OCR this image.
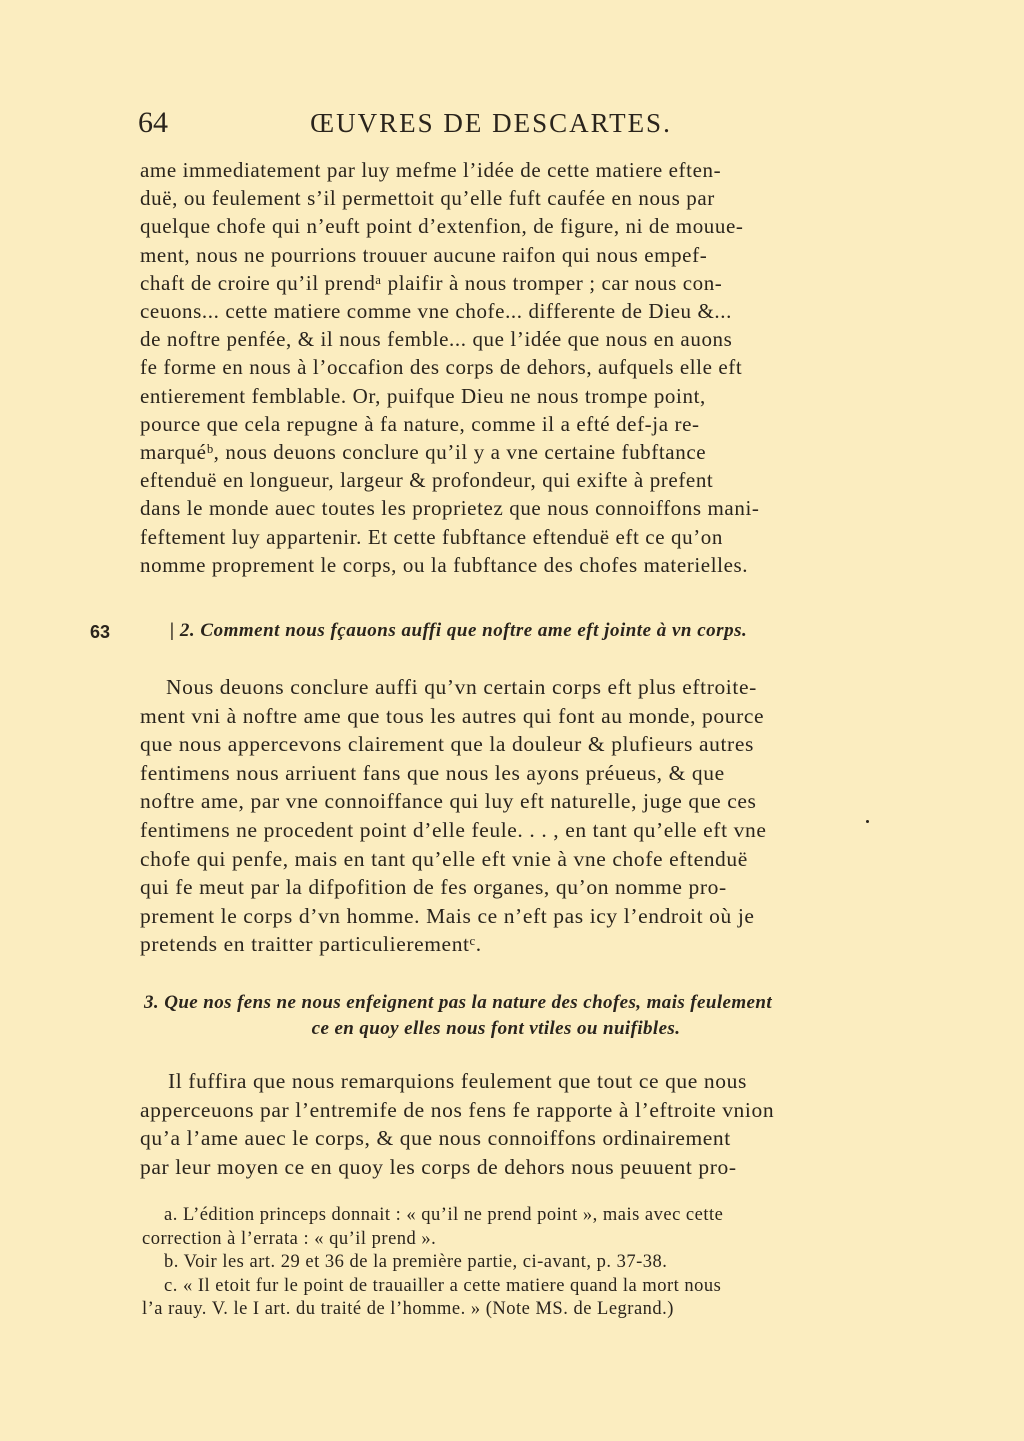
64	ŒUVRES DE DESCARTES.

ame immediatement par luy mefme l’idée de cette matiere eften-

duë, ou feulement s’il permettoit qu’elle fuft caufée en nous par

quelque chofe qui n’euft point d’extenfion, de figure, ni de mouue-

ment, nous ne pourrions trouuer aucune raifon qui nous empef-

chaft de croire qu’il prendᵃ plaifir à nous tromper ; car nous con-

ceuons... cette matiere comme vne chofe... differente de Dieu &...

de noftre penfée, & il nous femble... que l’idée que nous en auons

fe forme en nous à l’occafion des corps de dehors, aufquels elle eft

entierement femblable. Or, puifque Dieu ne nous trompe point,

pource que cela repugne à fa nature, comme il a efté def-ja re-

marquéᵇ, nous deuons conclure qu’il y a vne certaine fubftance

eftenduë en longueur, largeur & profondeur, qui exifte à prefent

dans le monde auec toutes les proprietez que nous connoiffons mani-

feftement luy appartenir. Et cette fubftance eftenduë eft ce qu’on

nomme proprement le corps, ou la fubftance des chofes materielles.

63	| 2. Comment nous fçauons auffi que noftre ame eft jointe à vn corps.

Nous deuons conclure auffi qu’vn certain corps eft plus eftroite-

ment vni à noftre ame que tous les autres qui font au monde, pource

que nous appercevons clairement que la douleur & plufieurs autres

fentimens nous arriuent fans que nous les ayons préueus, & que

noftre ame, par vne connoiffance qui luy eft naturelle, juge que ces

fentimens ne procedent point d’elle feule. . . , en tant qu’elle eft vne

chofe qui penfe, mais en tant qu’elle eft vnie à vne chofe eftenduë

qui fe meut par la difpofition de fes organes, qu’on nomme pro-

prement le corps d’vn homme. Mais ce n’eft pas icy l’endroit où je

pretends en traitter particulierementᶜ.

3. Que nos fens ne nous enfeignent pas la nature des chofes, mais feulement
ce en quoy elles nous font vtiles ou nuifibles.

Il fuffira que nous remarquions feulement que tout ce que nous

apperceuons par l’entremife de nos fens fe rapporte à l’eftroite vnion

qu’a l’ame auec le corps, & que nous connoiffons ordinairement

par leur moyen ce en quoy les corps de dehors nous peuuent pro-

a. L’édition princeps donnait : « qu’il ne prend point », mais avec cette

correction à l’errata : « qu’il prend ».

b. Voir les art. 29 et 36 de la première partie, ci-avant, p. 37-38.

c. « Il etoit fur le point de trauailler a cette matiere quand la mort nous

l’a rauy. V. le I art. du traité de l’homme. » (Note MS. de Legrand.)
